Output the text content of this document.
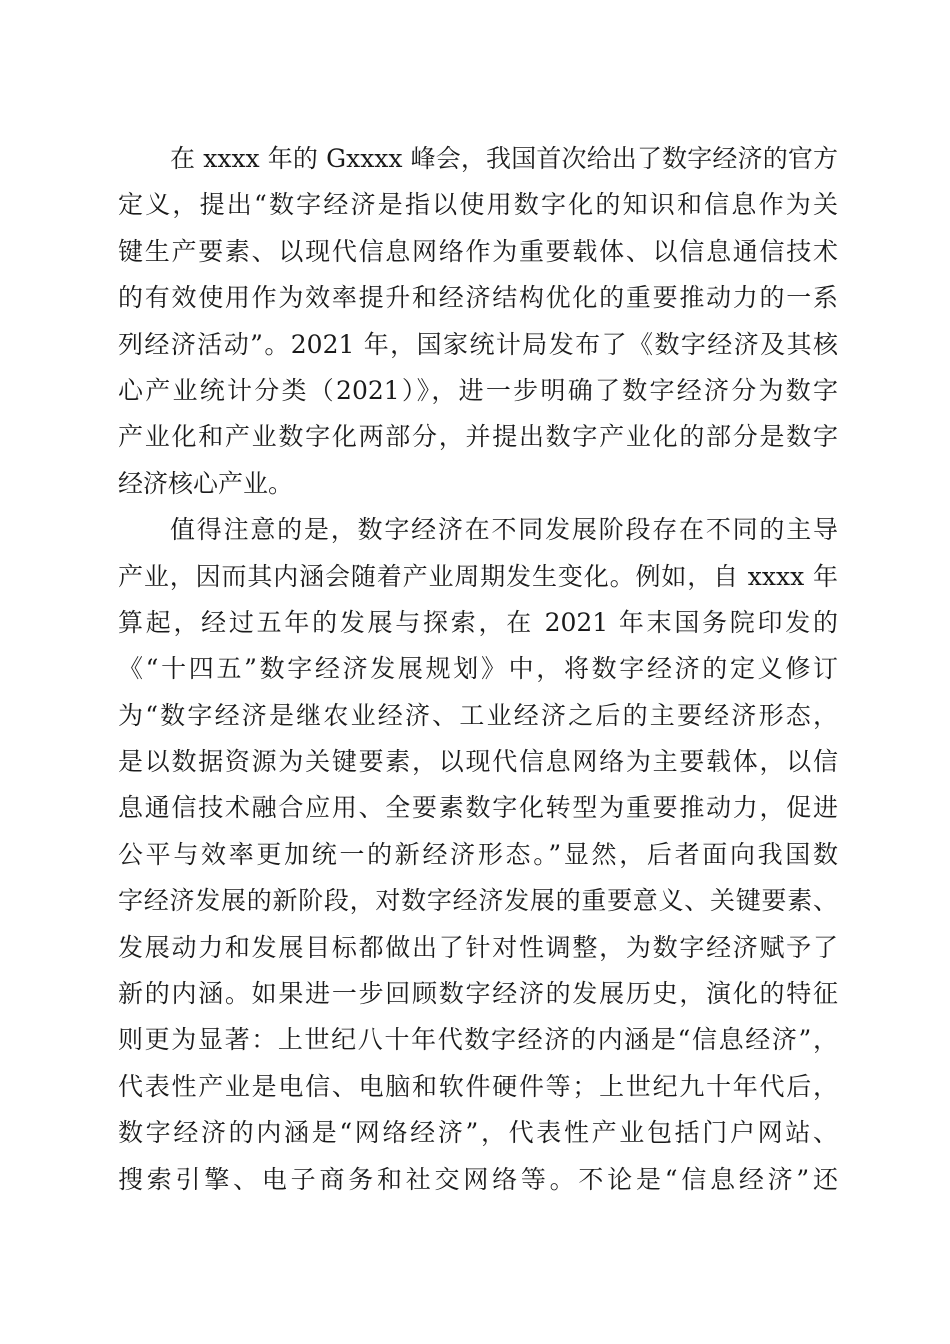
在 xxxx 年的 Gxxxx 峰会，我国首次给出了数字经济的官方
定义，提出“数字经济是指以使用数字化的知识和信息作为关
键生产要素、以现代信息网络作为重要载体、以信息通信技术
的有效使用作为效率提升和经济结构优化的重要推动力的一系
列经济活动”。2021 年，国家统计局发布了《数字经济及其核
心产业统计分类（2021）》，进一步明确了数字经济分为数字
产业化和产业数字化两部分，并提出数字产业化的部分是数字
经济核心产业。
值得注意的是，数字经济在不同发展阶段存在不同的主导
产业，因而其内涵会随着产业周期发生变化。例如，自 xxxx 年
算起，经过五年的发展与探索，在 2021 年末国务院印发的
《“十四五”数字经济发展规划》中，将数字经济的定义修订
为“数字经济是继农业经济、工业经济之后的主要经济形态，
是以数据资源为关键要素，以现代信息网络为主要载体，以信
息通信技术融合应用、全要素数字化转型为重要推动力，促进
公平与效率更加统一的新经济形态。”显然，后者面向我国数
字经济发展的新阶段，对数字经济发展的重要意义、关键要素、
发展动力和发展目标都做出了针对性调整，为数字经济赋予了
新的内涵。如果进一步回顾数字经济的发展历史，演化的特征
则更为显著：上世纪八十年代数字经济的内涵是“信息经济”，
代表性产业是电信、电脑和软件硬件等；上世纪九十年代后，
数字经济的内涵是“网络经济”，代表性产业包括门户网站、
搜索引擎、电子商务和社交网络等。不论是“信息经济”还
